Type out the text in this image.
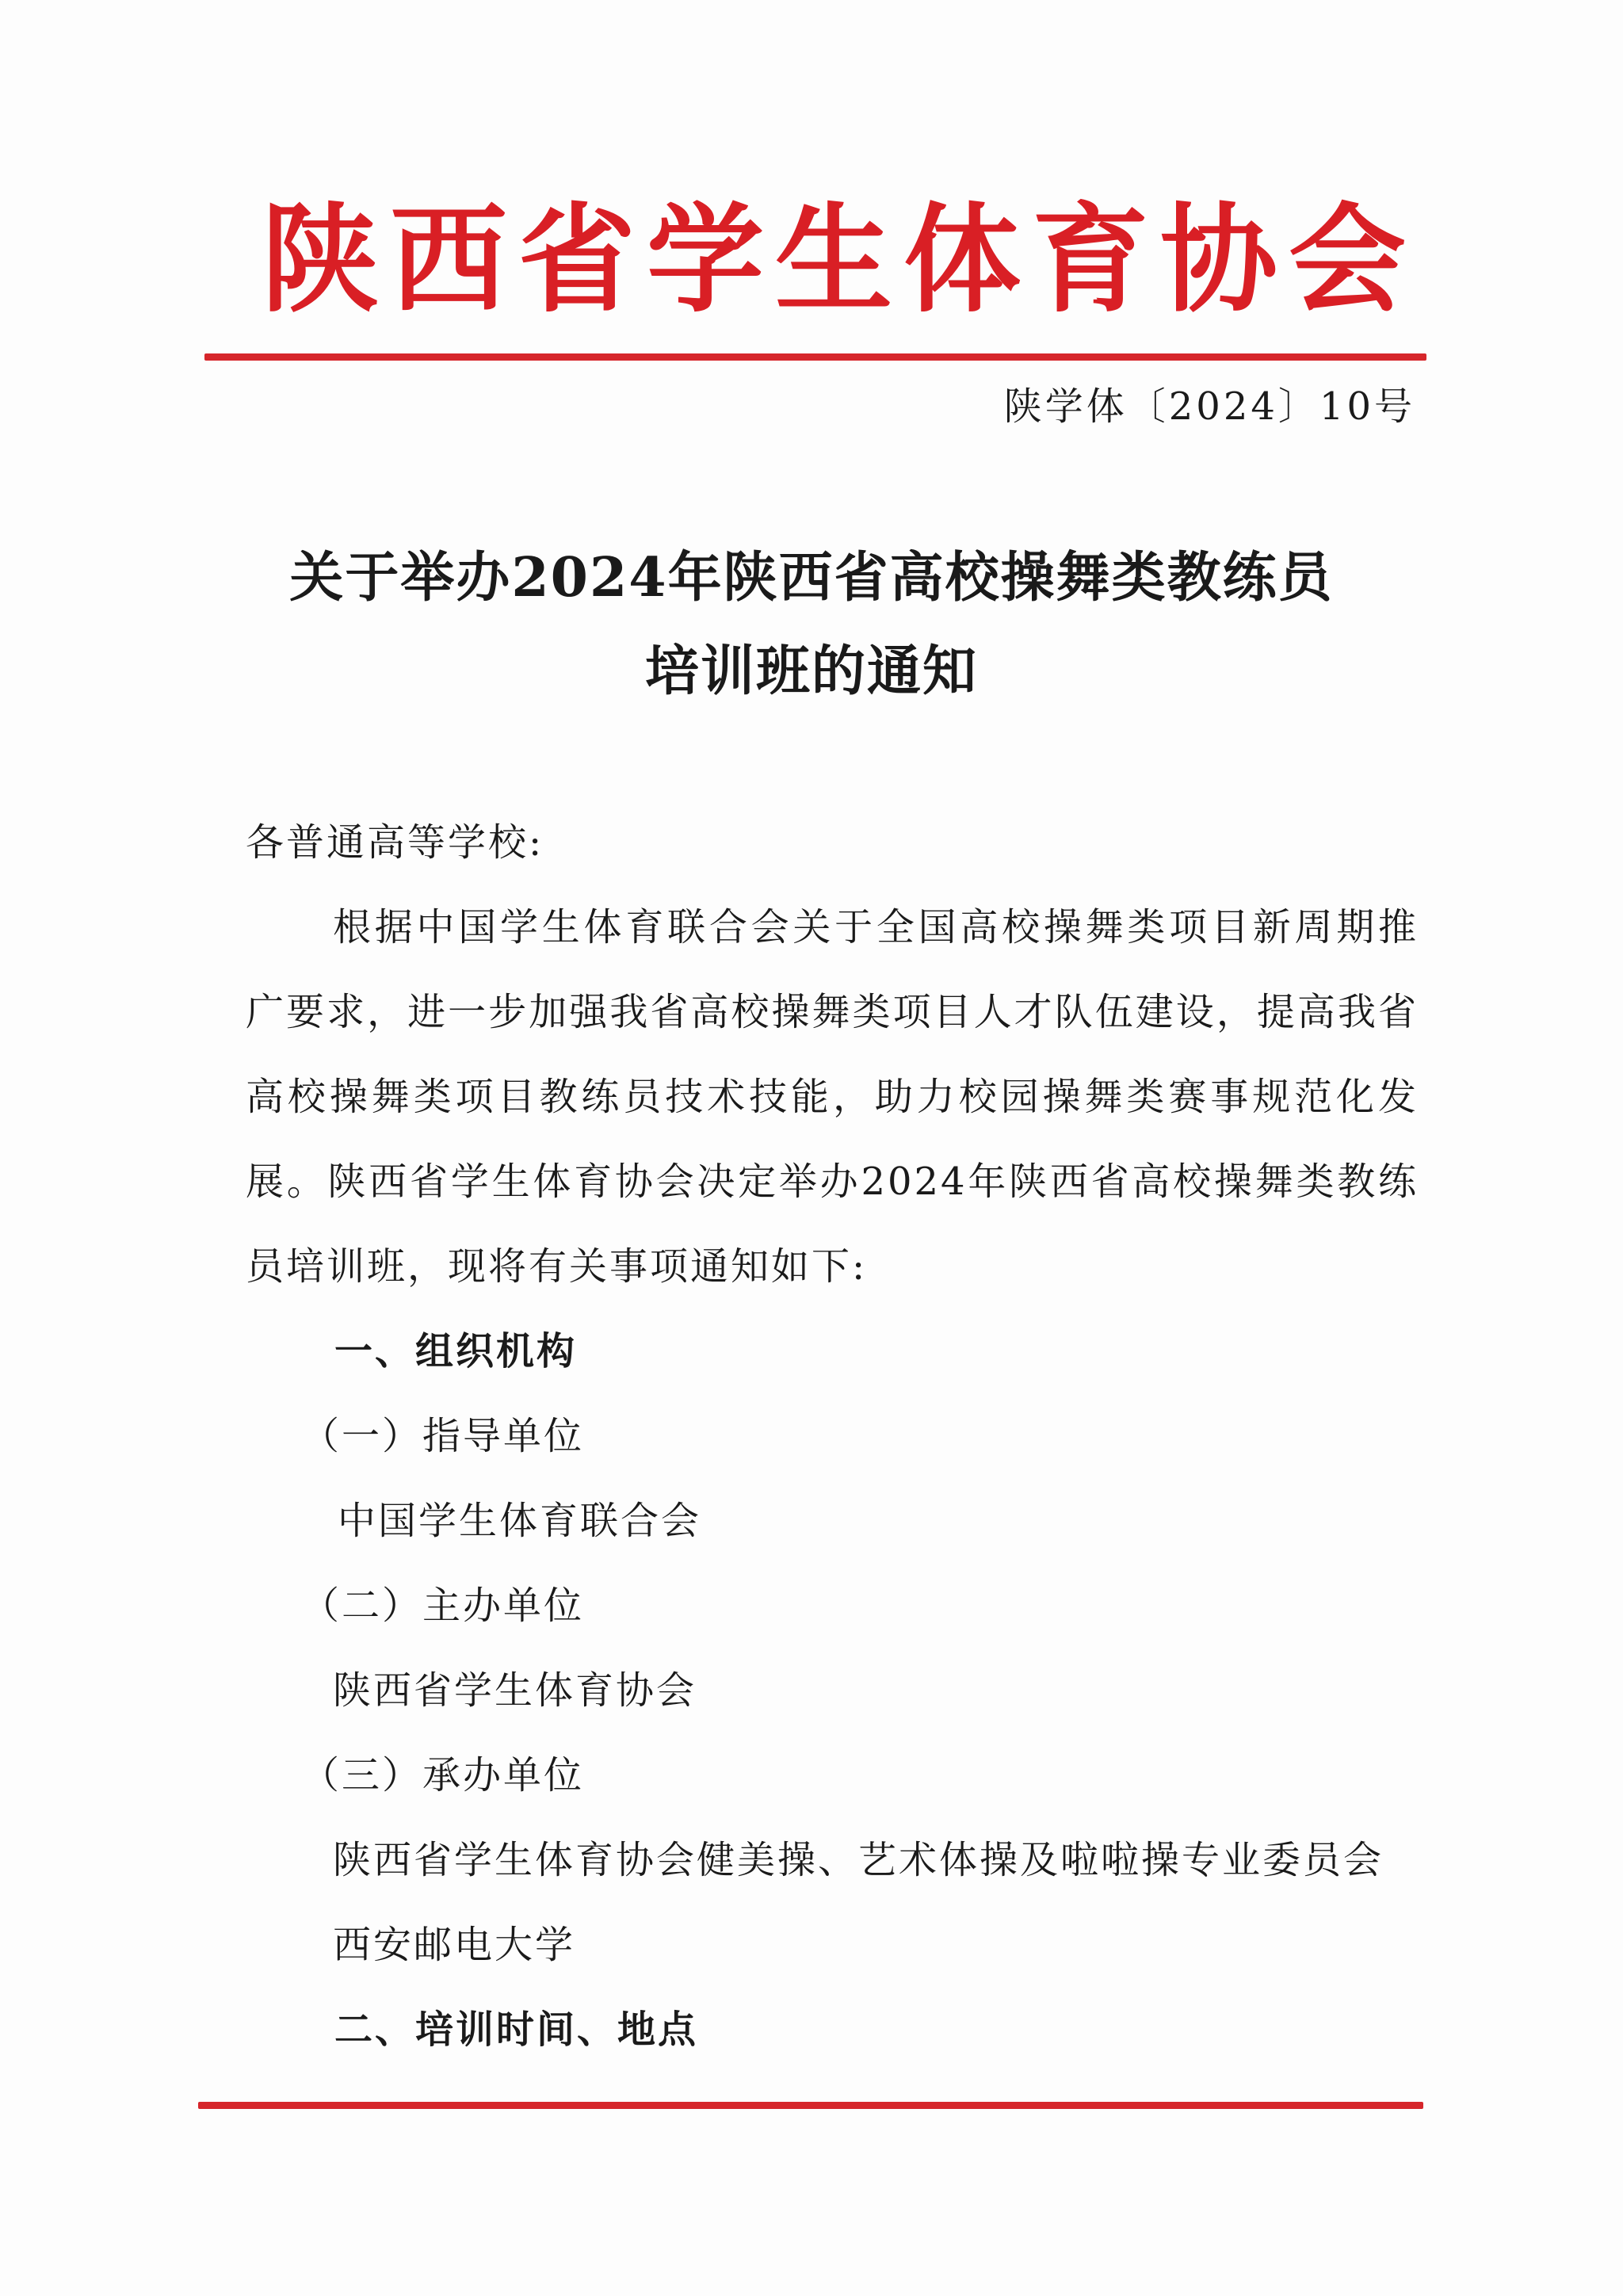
陕西省学生体育协会
陕学体〔2024〕10号
关于举办2024年陕西省高校操舞类教练员
培训班的通知

各普通高等学校:

根据中国学生体育联合会关于全国高校操舞类项目新周期推广要求，进一步加强我省高校操舞类项目人才队伍建设，提高我省高校操舞类项目教练员技术技能，助力校园操舞类赛事规范化发展。陕西省学生体育协会决定举办2024年陕西省高校操舞类教练员培训班，现将有关事项通知如下:

一、组织机构

（一）指导单位

中国学生体育联合会

（二）主办单位

陕西省学生体育协会

（三）承办单位

陕西省学生体育协会健美操、艺术体操及啦啦操专业委员会

西安邮电大学

二、培训时间、地点
